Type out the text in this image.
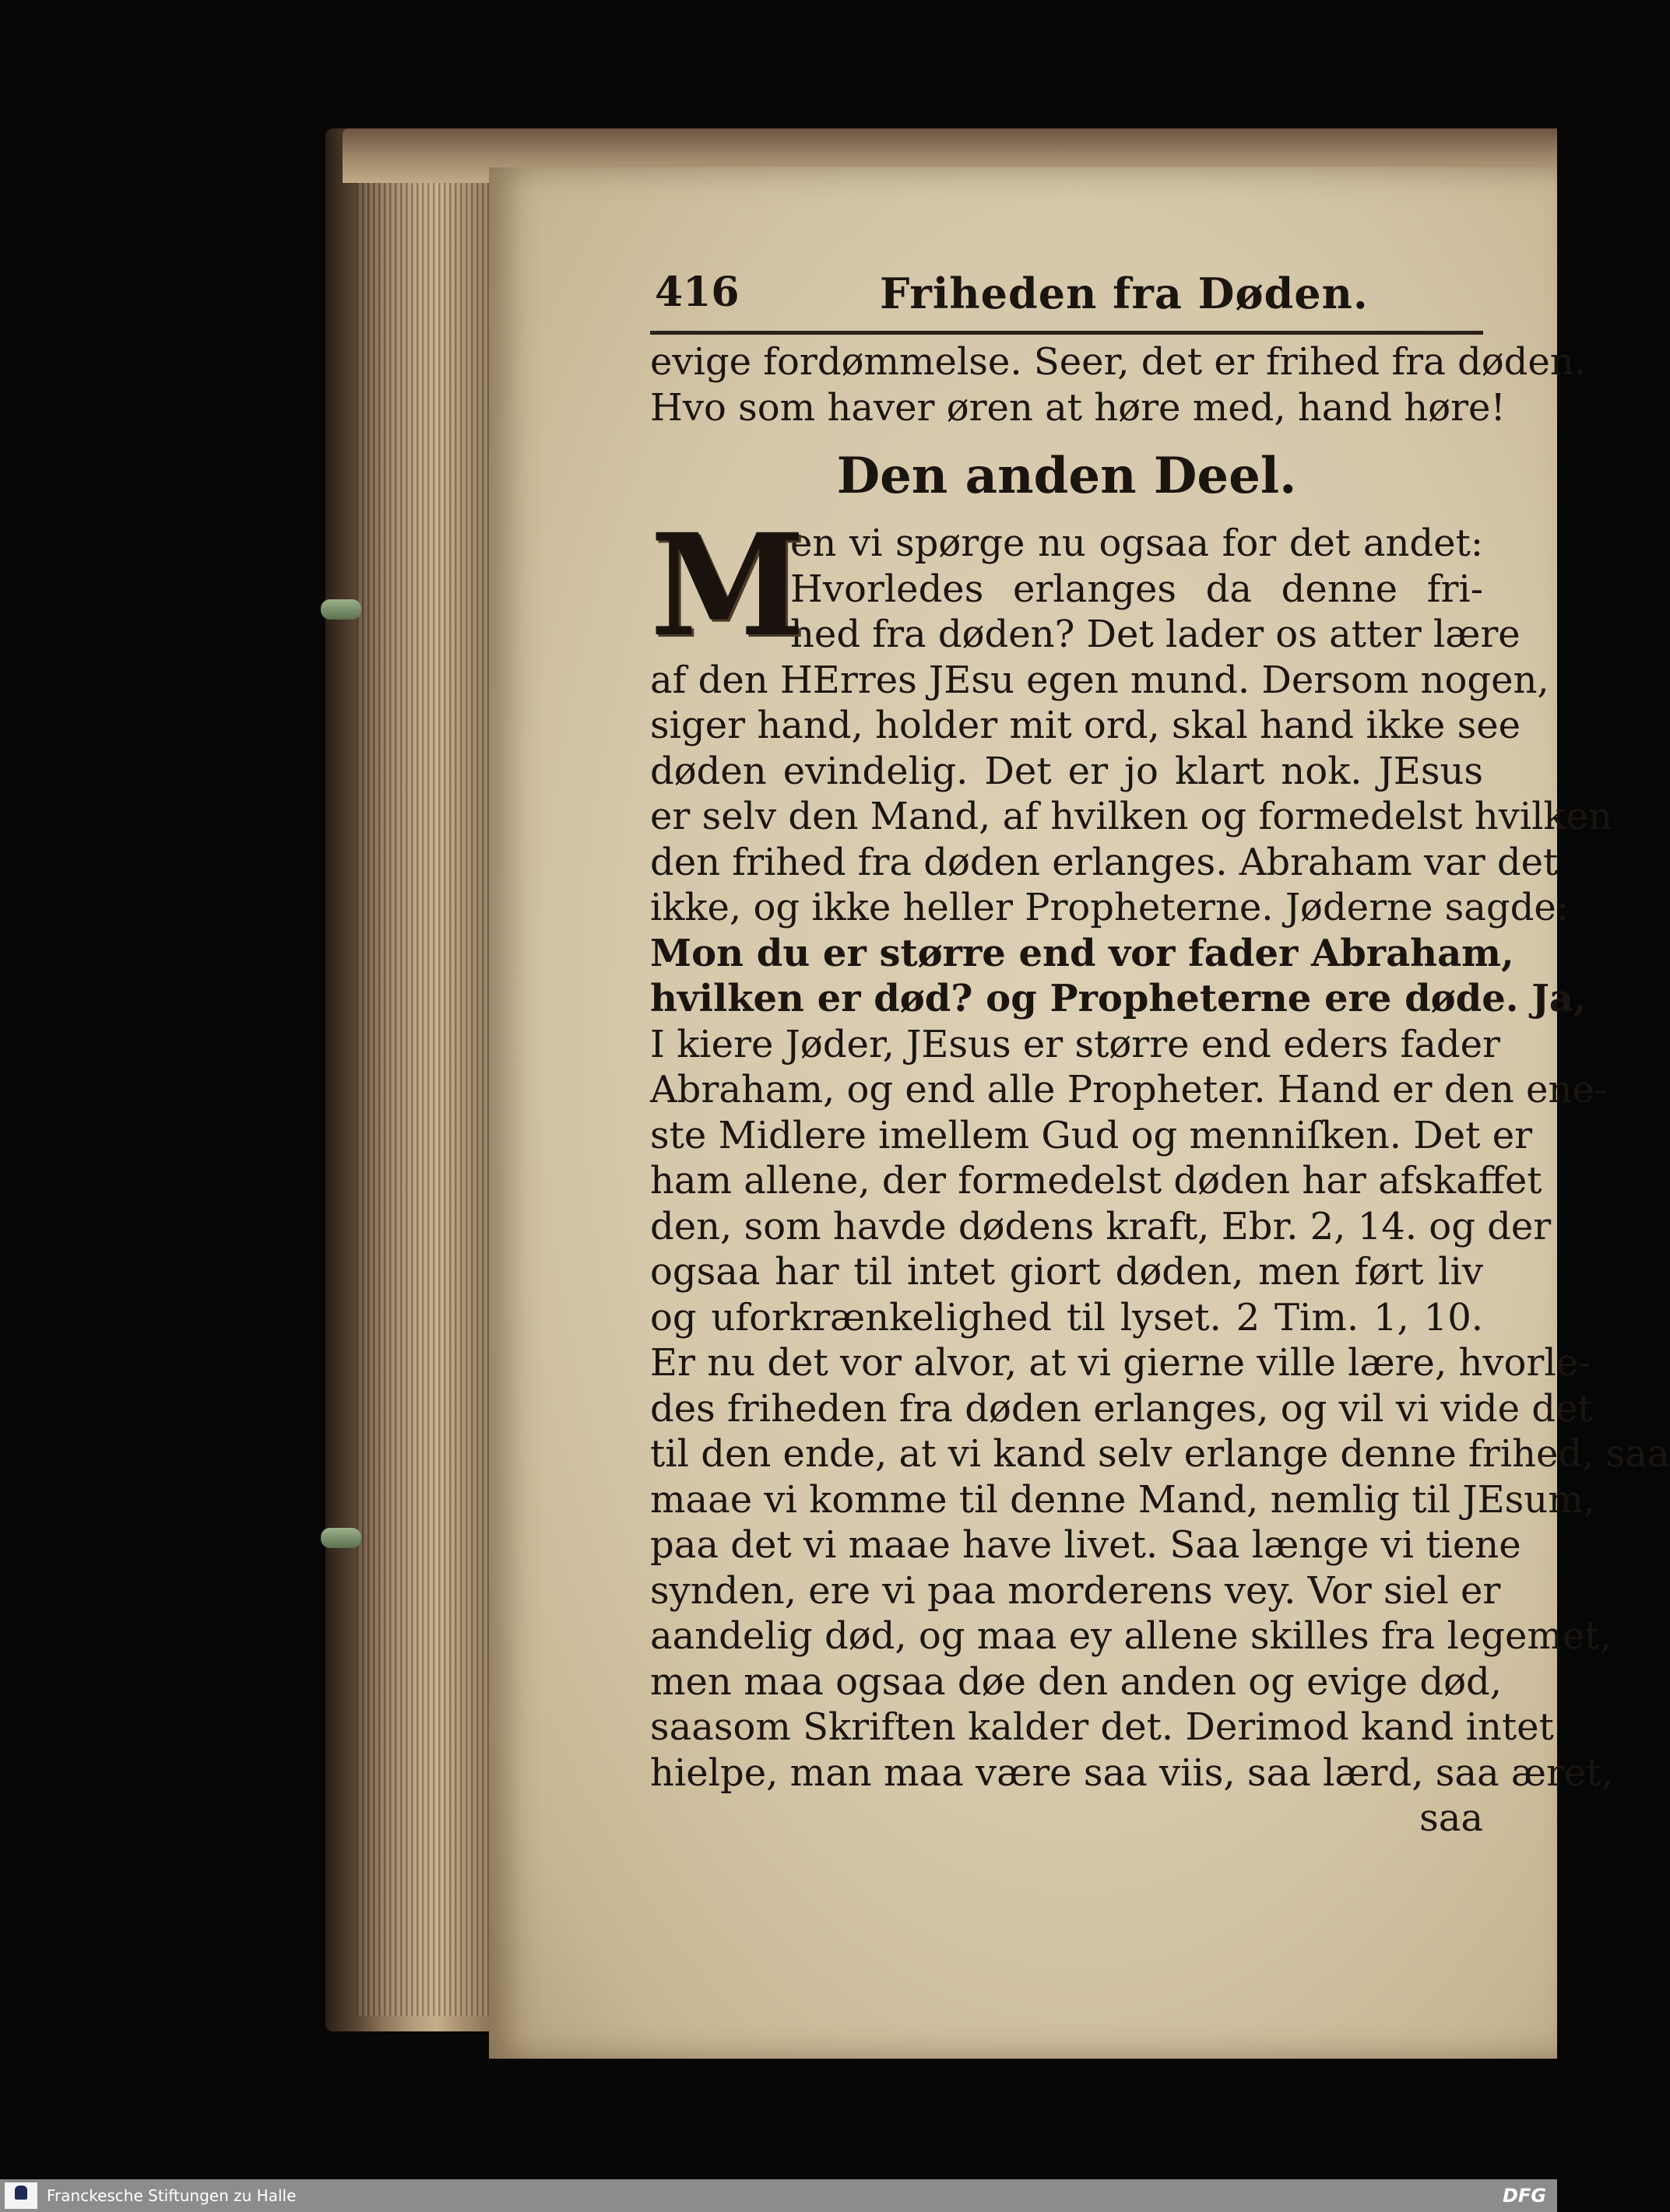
416	Friheden fra Døden.
evige fordømmelse. Seer, det er frihed fra døden.
Hvo som haver øren at høre med, hand høre!
Den anden Deel.
M
en vi spørge nu ogsaa for det andet:
Hvorledes erlanges da denne fri-
hed fra døden? Det lader os atter lære
af den HErres JEsu egen mund. Dersom nogen,
siger hand, holder mit ord, skal hand ikke see
døden evindelig. Det er jo klart nok. JEsus
er selv den Mand, af hvilken og formedelst hvilken
den frihed fra døden erlanges. Abraham var det
ikke, og ikke heller Propheterne. Jøderne sagde:
Mon du er større end vor fader Abraham,
hvilken er død? og Propheterne ere døde. Ja,
I kiere Jøder, JEsus er større end eders fader
Abraham, og end alle Propheter. Hand er den ene-
ste Midlere imellem Gud og menniſken. Det er
ham allene, der formedelst døden har afskaffet
den, som havde dødens kraft, Ebr. 2, 14. og der
ogsaa har til intet giort døden, men ført liv
og uforkrænkelighed til lyset. 2 Tim. 1, 10.
Er nu det vor alvor, at vi gierne ville lære, hvorle-
des friheden fra døden erlanges, og vil vi vide det
til den ende, at vi kand selv erlange denne frihed, saa
maae vi komme til denne Mand, nemlig til JEsum,
paa det vi maae have livet. Saa længe vi tiene
synden, ere vi paa morderens vey. Vor siel er
aandelig død, og maa ey allene skilles fra legemet,
men maa ogsaa døe den anden og evige død,
saasom Skriften kalder det. Derimod kand intet
hielpe, man maa være saa viis, saa lærd, saa æret,
saa
Franckesche Stiftungen zu Halle	DFG
